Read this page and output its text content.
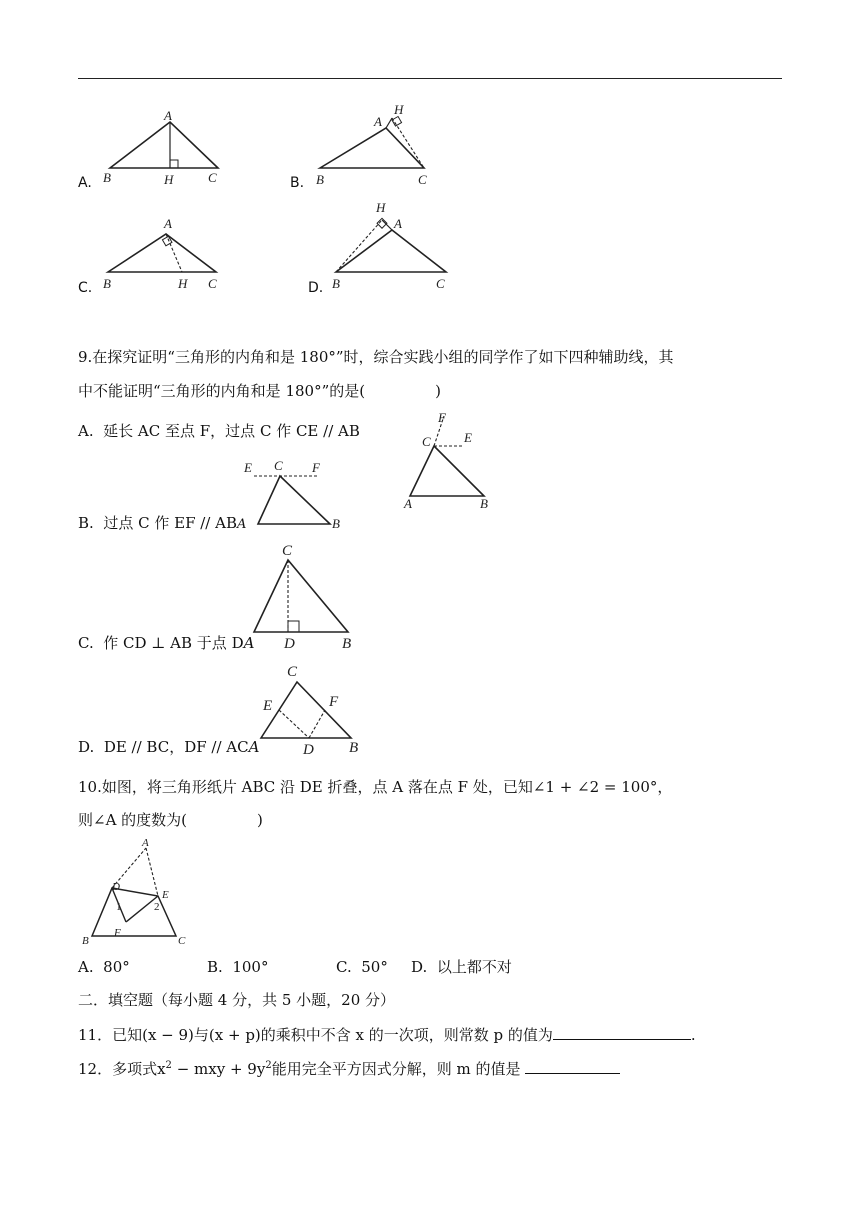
A.
A
B	H	C	B.
A
H
B	C
C.
A
B	H C	D.
H
A
B	C
9.在探究证明“三角形的内角和是 180°”时，综合实践小组的同学作了如下四种辅助线，其
中不能证明“三角形的内角和是 180°”的是(	)
A. 延长 AC 至点 F，过点 C 作 CE // AB
F
C	E
A	B
E C F
B
B. 过点 C 作 EF // ABA
C
D	B
C. 作 CD ⊥ AB 于点 DA
C
E	F
D B
D. DE // BC，DF // ACA
10.如图，将三角形纸片 ABC 沿 DE 折叠，点 A 落在点 F 处，已知∠1 + ∠2 = 100°，
则∠A 的度数为(	)
A
D
E
F
1	2
B	C
A. 80°	B. 100°	C. 50° D. 以上都不对
二．填空题（每小题 4 分，共 5 小题，20 分）
11．已知(x − 9)与(x + p)的乘积中不含 x 的一次项，则常数 p 的值为	.
12．多项式$x^2$ − mxy + $9y^2$能用完全平方因式分解，则 m 的值是
